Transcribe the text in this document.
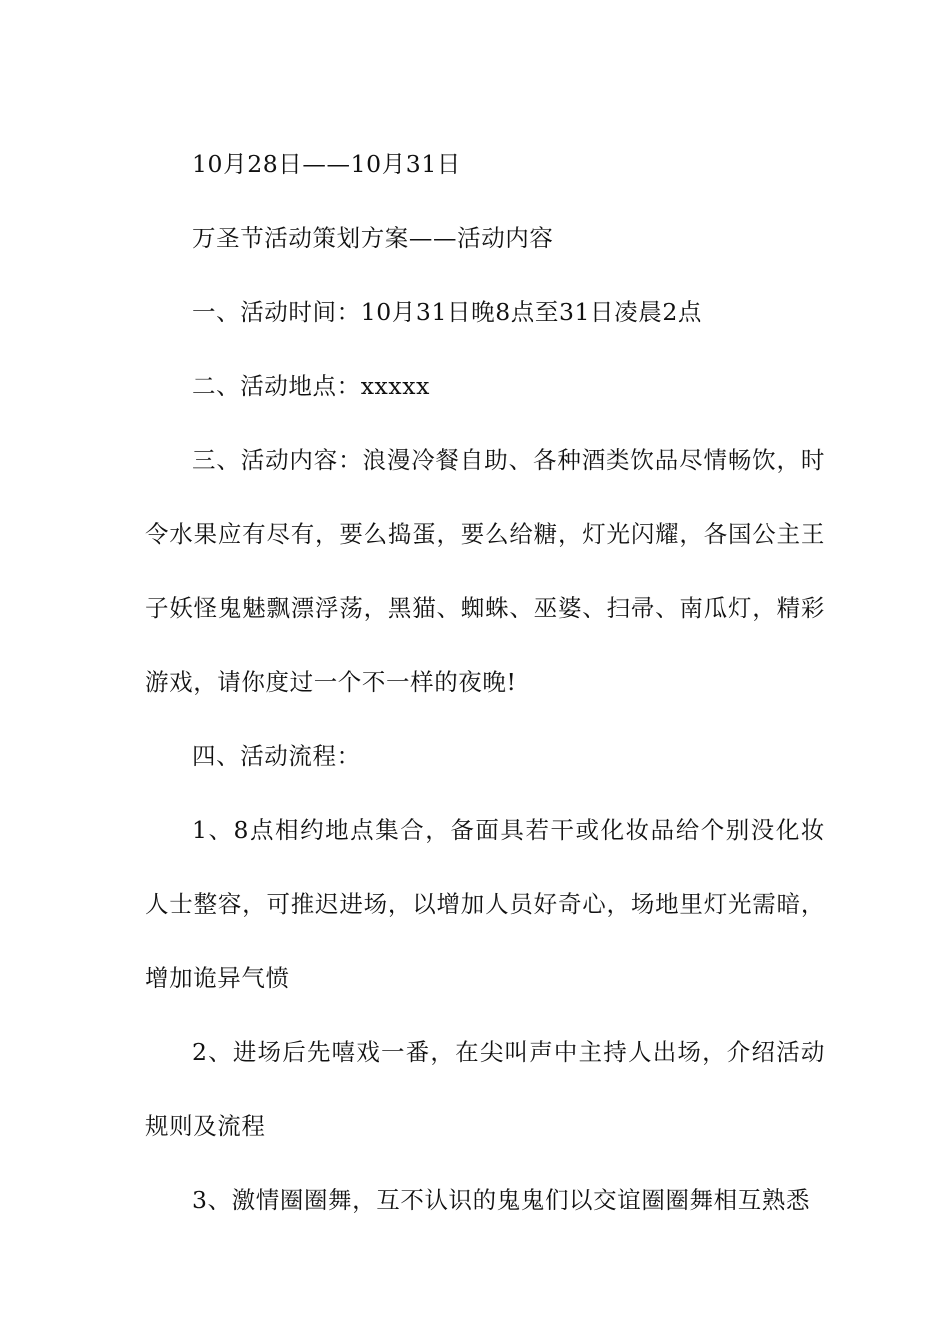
10月28日——10月31日

万圣节活动策划方案——活动内容

一、活动时间：10月31日晚8点至31日凌晨2点

二、活动地点：xxxxx

三、活动内容：浪漫冷餐自助、各种酒类饮品尽情畅饮，时令水果应有尽有，要么捣蛋，要么给糖，灯光闪耀，各国公主王子妖怪鬼魅飘漂浮荡，黑猫、蜘蛛、巫婆、扫帚、南瓜灯，精彩游戏，请你度过一个不一样的夜晚!

四、活动流程：

1、8点相约地点集合，备面具若干或化妆品给个别没化妆人士整容，可推迟进场，以增加人员好奇心，场地里灯光需暗，增加诡异气愤

2、进场后先嘻戏一番，在尖叫声中主持人出场，介绍活动规则及流程

3、激情圈圈舞，互不认识的鬼鬼们以交谊圈圈舞相互熟悉
